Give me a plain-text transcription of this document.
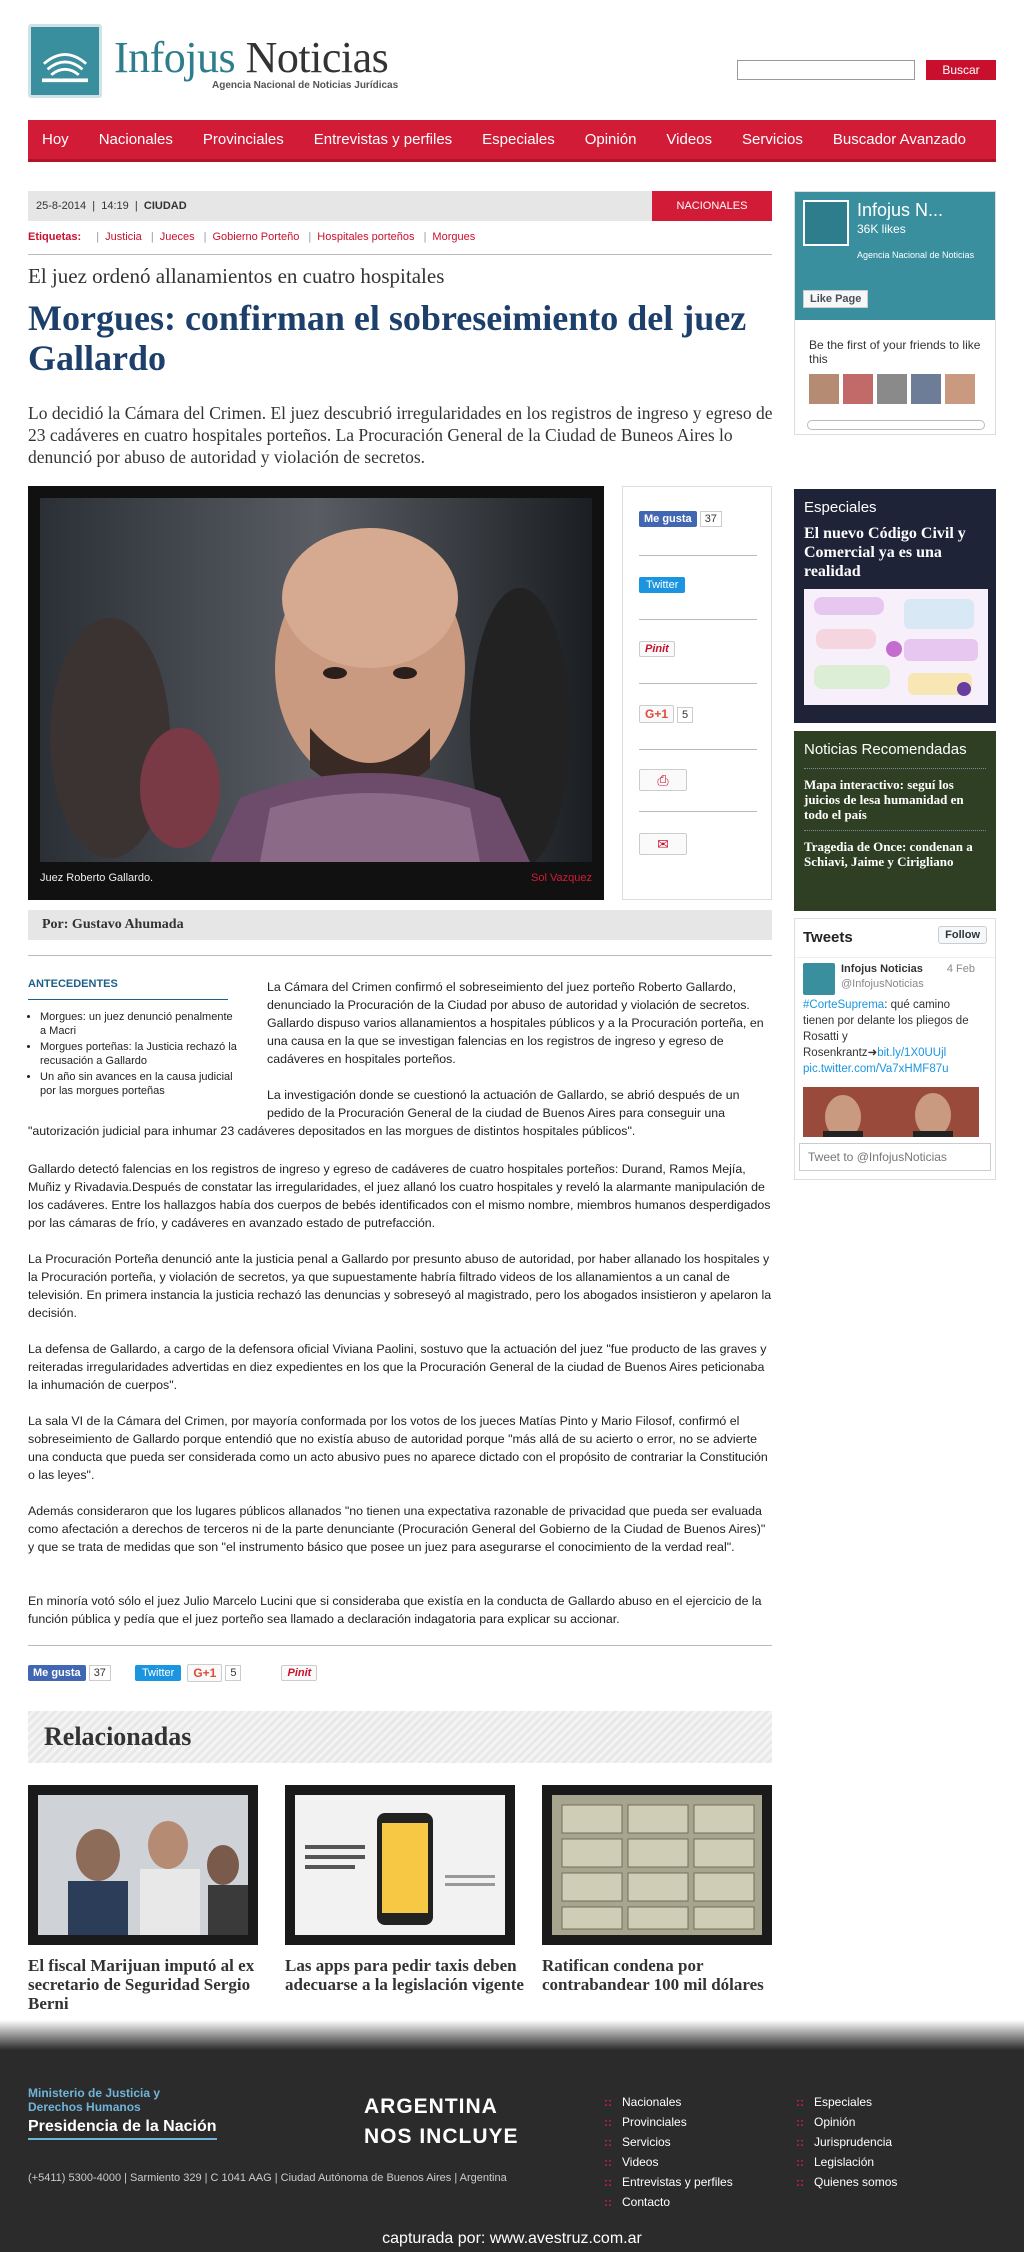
Infojus Noticias
Agencia Nacional de Noticias Jurídicas
Buscar
Hoy Nacionales Provinciales Entrevistas y perfiles Especiales Opinión Videos Servicios Buscador Avanzado
25-8-2014  |  14:19  |  CIUDAD	NACIONALES
Etiquetas: | Justicia | Jueces | Gobierno Porteño | Hospitales porteños | Morgues
El juez ordenó allanamientos en cuatro hospitales
Morgues: confirman el sobreseimiento del juez Gallardo
Lo decidió la Cámara del Crimen. El juez descubrió irregularidades en los registros de ingreso y egreso de 23 cadáveres en cuatro hospitales porteños. La Procuración General de la Ciudad de Buneos Aires lo denunció por abuso de autoridad y violación de secretos.
Juez Roberto Gallardo.	Sol Vazquez
Me gusta 37
Twitter
Pinit
G+1 5
⎙
✉
Por: Gustavo Ahumada
ANTECEDENTES
• Morgues: un juez denunció penalmente a Macri
• Morgues porteñas: la Justicia rechazó la recusación a Gallardo
• Un año sin avances en la causa judicial por las morgues porteñas

La Cámara del Crimen confirmó el sobreseimiento del juez porteño Roberto Gallardo, denunciado la Procuración de la Ciudad por abuso de autoridad y violación de secretos. Gallardo dispuso varios allanamientos a hospitales públicos y a la Procuración porteña, en una causa en la que se investigan falencias en los registros de ingreso y egreso de cadáveres en hospitales porteños.

La investigación donde se cuestionó la actuación de Gallardo, se abrió después de un pedido de la Procuración General de la ciudad de Buenos Aires para conseguir una

"autorización judicial para inhumar 23 cadáveres depositados en las morgues de distintos hospitales públicos".

Gallardo detectó falencias en los registros de ingreso y egreso de cadáveres de cuatro hospitales porteños: Durand, Ramos Mejía, Muñiz y Rivadavia.Después de constatar las irregularidades, el juez allanó los cuatro hospitales y reveló la alarmante manipulación de los cadáveres. Entre los hallazgos había dos cuerpos de bebés identificados con el mismo nombre, miembros humanos desperdigados por las cámaras de frío, y cadáveres en avanzado estado de putrefacción.

La Procuración Porteña denunció ante la justicia penal a Gallardo por presunto abuso de autoridad, por haber allanado los hospitales y la Procuración porteña, y violación de secretos, ya que supuestamente habría filtrado videos de los allanamientos a un canal de televisión. En primera instancia la justicia rechazó las denuncias y sobreseyó al magistrado, pero los abogados insistieron y apelaron la decisión.

La defensa de Gallardo, a cargo de la defensora oficial Viviana Paolini, sostuvo que la actuación del juez "fue producto de las graves y reiteradas irregularidades advertidas en diez expedientes en los que la Procuración General de la ciudad de Buenos Aires peticionaba la inhumación de cuerpos".

La sala VI de la Cámara del Crimen, por mayoría conformada por los votos de los jueces Matías Pinto y Mario Filosof, confirmó el sobreseimiento de Gallardo porque entendió que no existía abuso de autoridad porque "más allá de su acierto o error, no se advierte una conducta que pueda ser considerada como un acto abusivo pues no aparece dictado con el propósito de contrariar la Constitución o las leyes".

Además consideraron que los lugares públicos allanados "no tienen una expectativa razonable de privacidad que pueda ser evaluada como afectación a derechos de terceros ni de la parte denunciante (Procuración General del Gobierno de la Ciudad de Buenos Aires)" y que se trata de medidas que son "el instrumento básico que posee un juez para asegurarse el conocimiento de la verdad real".

En minoría votó sólo el juez Julio Marcelo Lucini que si consideraba que existía en la conducta de Gallardo abuso en el ejercicio de la función pública y pedía que el juez porteño sea llamado a declaración indagatoria para explicar su accionar.

Me gusta	37	Twitter	G+1	5	Pinit
Relacionadas
El fiscal Marijuan imputó al ex secretario de Seguridad Sergio Berni
Las apps para pedir taxis deben adecuarse a la legislación vigente
Ratifican condena por contrabandear 100 mil dólares
Infojus N...
36K likes
Agencia Nacional de Noticias
Like Page
Be the first of your friends to like this
Especiales
El nuevo Código Civil y Comercial ya es una realidad
Noticias Recomendadas
Mapa interactivo: seguí los juicios de lesa humanidad en todo el país
Tragedia de Once: condenan a Schiavi, Jaime y Cirigliano
Tweets	Follow
Infojus Noticias
@InfojusNoticias
4 Feb
#CorteSuprema: qué camino tienen por delante los pliegos de Rosatti y Rosenkrantz➜bit.ly/1X0UUjl pic.twitter.com/Va7xHMF87u
Tweet to @InfojusNoticias
Ministerio de Justicia y Derechos Humanos
Presidencia de la Nación
(+5411) 5300-4000 | Sarmiento 329 | C 1041 AAG | Ciudad Autónoma de Buenos Aires | Argentina
ARGENTINA
NOS INCLUYE
:: Nacionales
:: Provinciales
:: Servicios
:: Videos
:: Entrevistas y perfiles
:: Contacto
:: Especiales
:: Opinión
:: Jurisprudencia
:: Legislación
:: Quienes somos
capturada por: www.avestruz.com.ar
